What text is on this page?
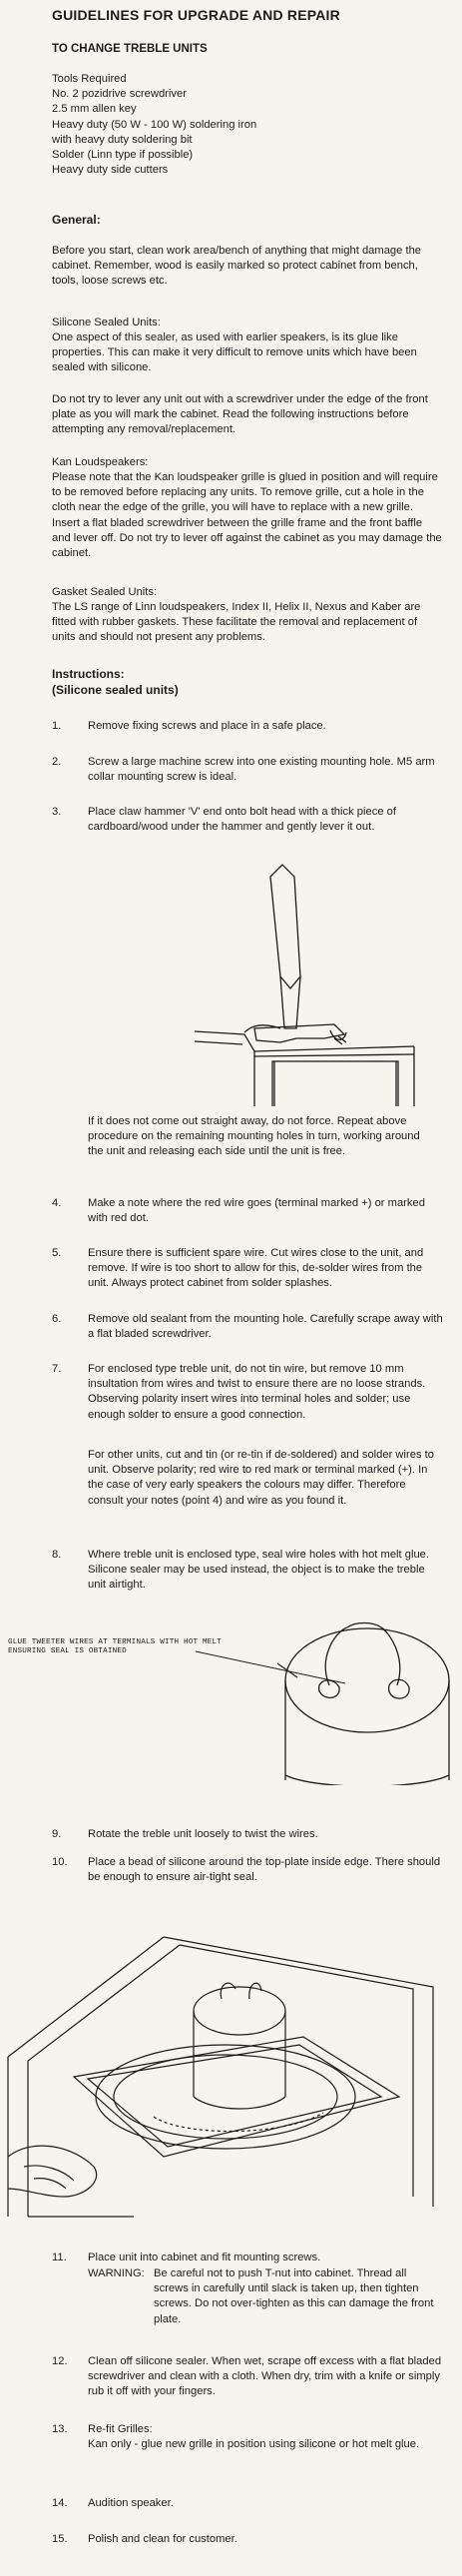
GUIDELINES FOR UPGRADE AND REPAIR
TO CHANGE TREBLE UNITS
Tools Required
No. 2 pozidrive screwdriver
2.5 mm allen key
Heavy duty (50 W - 100 W) soldering iron
with heavy duty soldering bit
Solder (Linn type if possible)
Heavy duty side cutters

General:

Before you start, clean work area/bench of anything that might damage the cabinet. Remember, wood is easily marked so protect cabinet from bench, tools, loose screws etc.

Silicone Sealed Units:

One aspect of this sealer, as used with earlier speakers, is its glue like properties. This can make it very difficult to remove units which have been sealed with silicone.

Do not try to lever any unit out with a screwdriver under the edge of the front plate as you will mark the cabinet. Read the following instructions before attempting any removal/replacement.

Kan Loudspeakers:

Please note that the Kan loudspeaker grille is glued in position and will require to be removed before replacing any units. To remove grille, cut a hole in the cloth near the edge of the grille, you will have to replace with a new grille. Insert a flat bladed screwdriver between the grille frame and the front baffle and lever off. Do not try to lever off against the cabinet as you may damage the cabinet.

Gasket Sealed Units:

The LS range of Linn loudspeakers, Index II, Helix II, Nexus and Kaber are fitted with rubber gaskets. These facilitate the removal and replacement of units and should not present any problems.

Instructions:

(Silicone sealed units)

1.	Remove fixing screws and place in a safe place.
2.	Screw a large machine screw into one existing mounting hole. M5 arm collar mounting screw is ideal.
3.	Place claw hammer 'V' end onto bolt head with a thick piece of cardboard/wood under the hammer and gently lever it out.
If it does not come out straight away, do not force. Repeat above procedure on the remaining mounting holes in turn, working around the unit and releasing each side until the unit is free.
4.	Make a note where the red wire goes (terminal marked +) or marked with red dot.
5.	Ensure there is sufficient spare wire. Cut wires close to the unit, and remove. If wire is too short to allow for this, de-solder wires from the unit. Always protect cabinet from solder splashes.
6.	Remove old sealant from the mounting hole. Carefully scrape away with a flat bladed screwdriver.
7.	For enclosed type treble unit, do not tin wire, but remove 10 mm insultation from wires and twist to ensure there are no loose strands. Observing polarity insert wires into terminal holes and solder; use enough solder to ensure a good connection.
For other units, cut and tin (or re-tin if de-soldered) and solder wires to unit. Observe polarity; red wire to red mark or terminal marked (+). In the case of very early speakers the colours may differ. Therefore consult your notes (point 4) and wire as you found it.
8.	Where treble unit is enclosed type, seal wire holes with hot melt glue. Silicone sealer may be used instead, the object is to make the treble unit airtight.
GLUE TWEETER WIRES AT TERMINALS WITH HOT MELT
ENSURING SEAL IS OBTAINED
9.	Rotate the treble unit loosely to twist the wires.
10.	Place a bead of silicone around the top-plate inside edge. There should be enough to ensure air-tight seal.
11.	Place unit into cabinet and fit mounting screws.
WARNING: Be careful not to push T-nut into cabinet. Thread all screws in carefully until slack is taken up, then tighten screws. Do not over-tighten as this can damage the front plate.
12.	Clean off silicone sealer. When wet, scrape off excess with a flat bladed screwdriver and clean with a cloth. When dry, trim with a knife or simply rub it off with your fingers.
13.	Re-fit Grilles:
Kan only - glue new grille in position using silicone or hot melt glue.
14.	Audition speaker.
15.	Polish and clean for customer.
